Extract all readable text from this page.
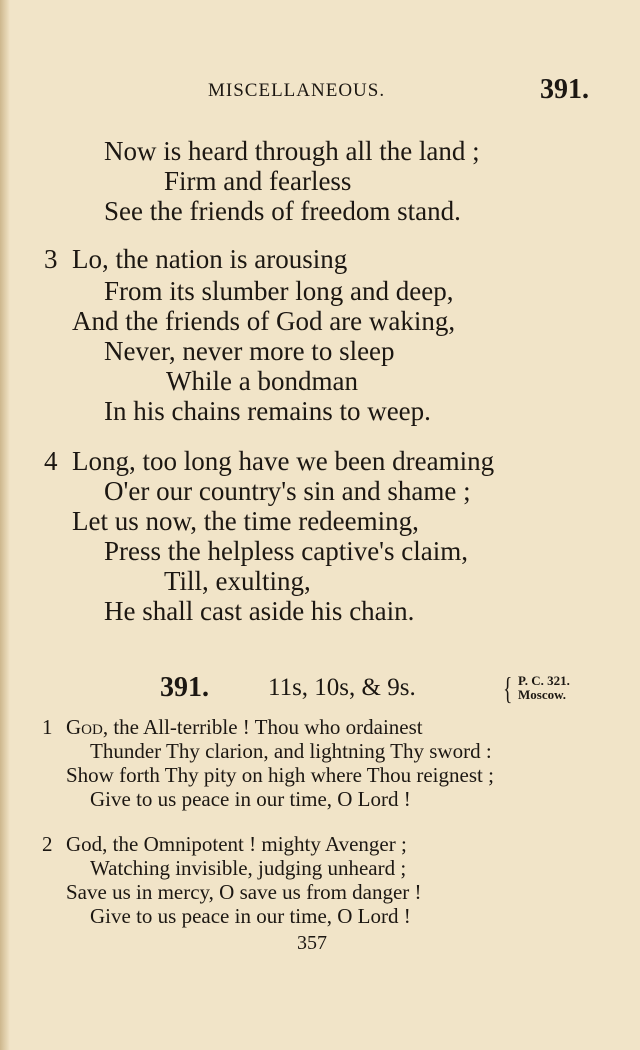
MISCELLANEOUS.	391.
Now is heard through all the land ;
Firm and fearless
See the friends of freedom stand.
3 Lo, the nation is arousing
From its slumber long and deep,
And the friends of God are waking,
Never, never more to sleep
While a bondman
In his chains remains to weep.
4 Long, too long have we been dreaming
O'er our country's sin and shame ;
Let us now, the time redeeming,
Press the helpless captive's claim,
Till, exulting,
He shall cast aside his chain.
391. 11s, 10s, & 9s.	{ P. C. 321.
Moscow.
1 God, the All-terrible ! Thou who ordainest
Thunder Thy clarion, and lightning Thy sword :
Show forth Thy pity on high where Thou reignest ;
Give to us peace in our time, O Lord !
2 God, the Omnipotent ! mighty Avenger ;
Watching invisible, judging unheard ;
Save us in mercy, O save us from danger !
Give to us peace in our time, O Lord !
357
